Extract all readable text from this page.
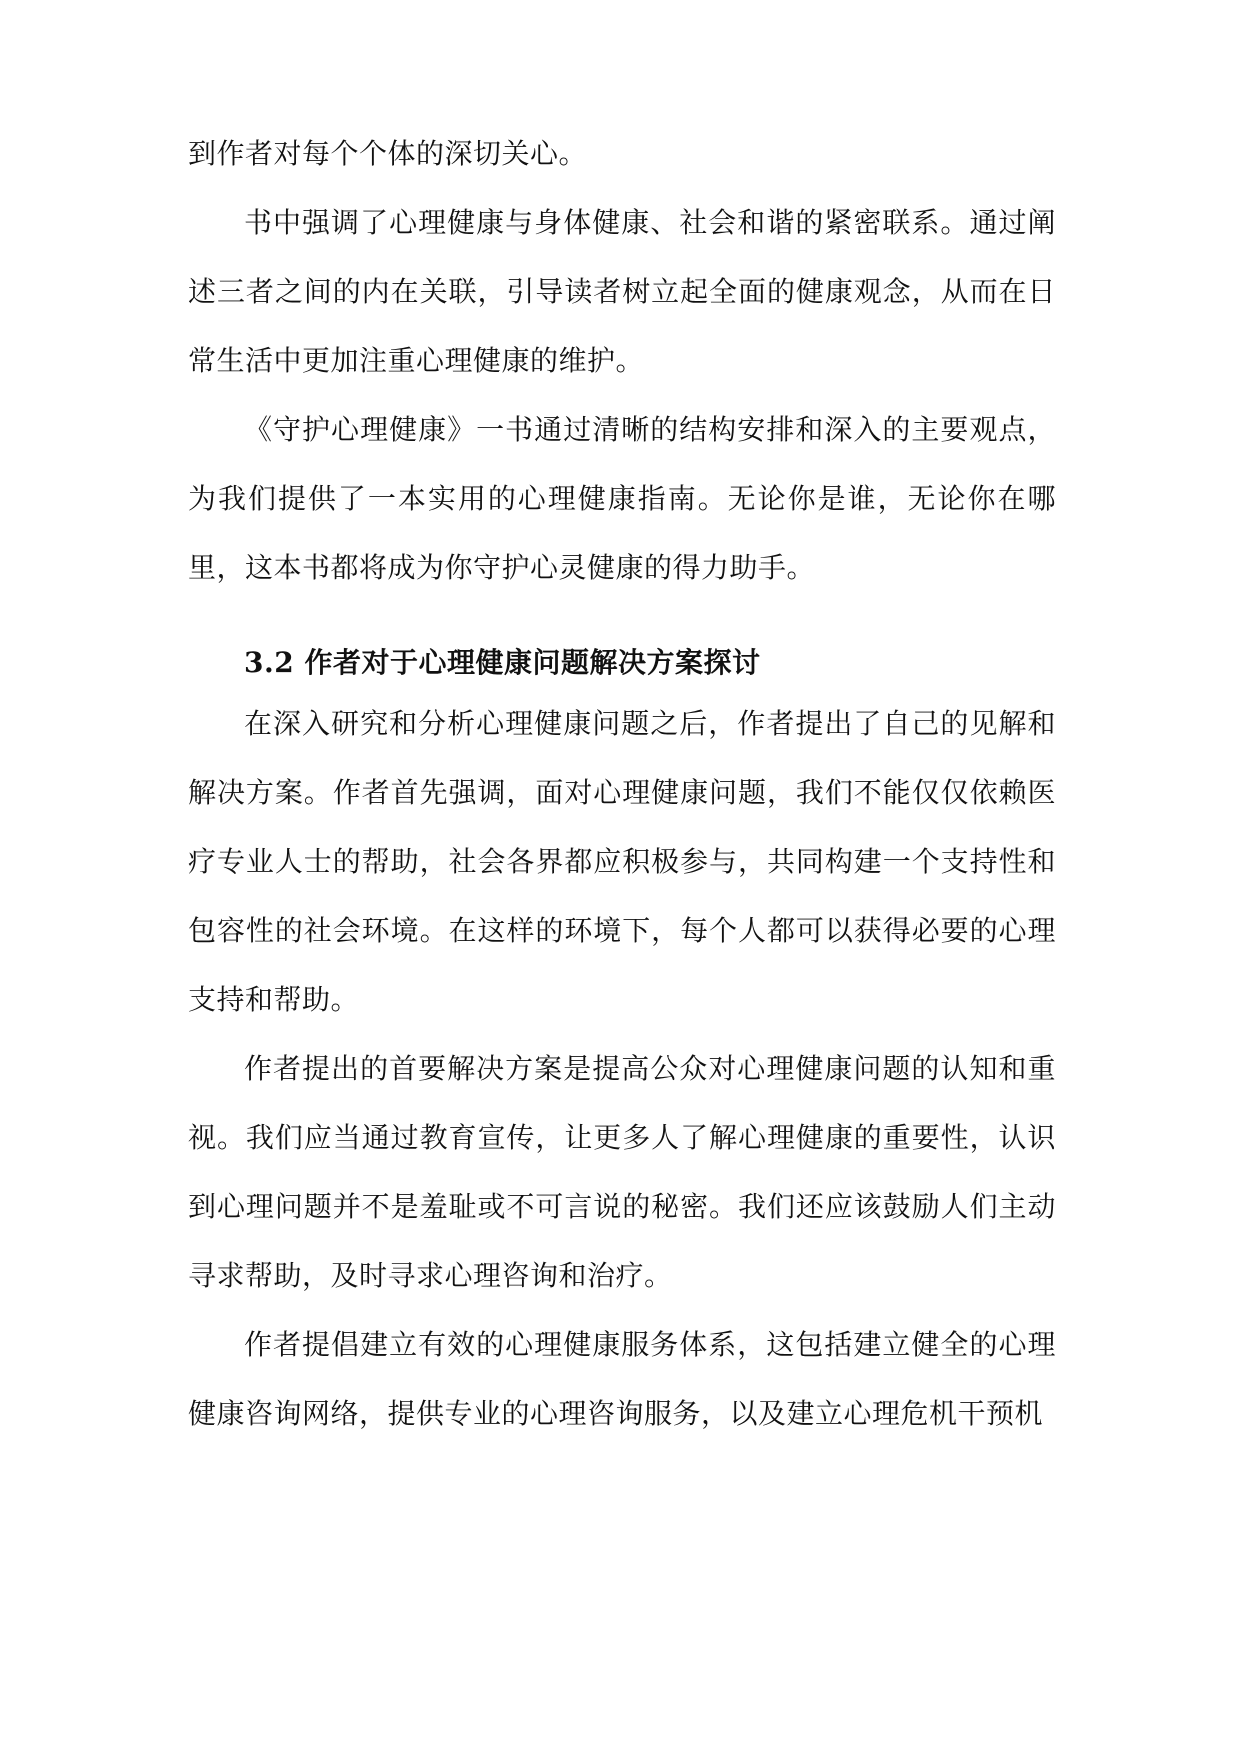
到作者对每个个体的深切关心。

书中强调了心理健康与身体健康、社会和谐的紧密联系。通过阐述三者之间的内在关联，引导读者树立起全面的健康观念，从而在日常生活中更加注重心理健康的维护。

《守护心理健康》一书通过清晰的结构安排和深入的主要观点，为我们提供了一本实用的心理健康指南。无论你是谁，无论你在哪里，这本书都将成为你守护心灵健康的得力助手。

3.2 作者对于心理健康问题解决方案探讨

在深入研究和分析心理健康问题之后，作者提出了自己的见解和解决方案。作者首先强调，面对心理健康问题，我们不能仅仅依赖医疗专业人士的帮助，社会各界都应积极参与，共同构建一个支持性和包容性的社会环境。在这样的环境下，每个人都可以获得必要的心理支持和帮助。

作者提出的首要解决方案是提高公众对心理健康问题的认知和重视。我们应当通过教育宣传，让更多人了解心理健康的重要性，认识到心理问题并不是羞耻或不可言说的秘密。我们还应该鼓励人们主动寻求帮助，及时寻求心理咨询和治疗。

作者提倡建立有效的心理健康服务体系，这包括建立健全的心理健康咨询网络，提供专业的心理咨询服务，以及建立心理危机干预机
